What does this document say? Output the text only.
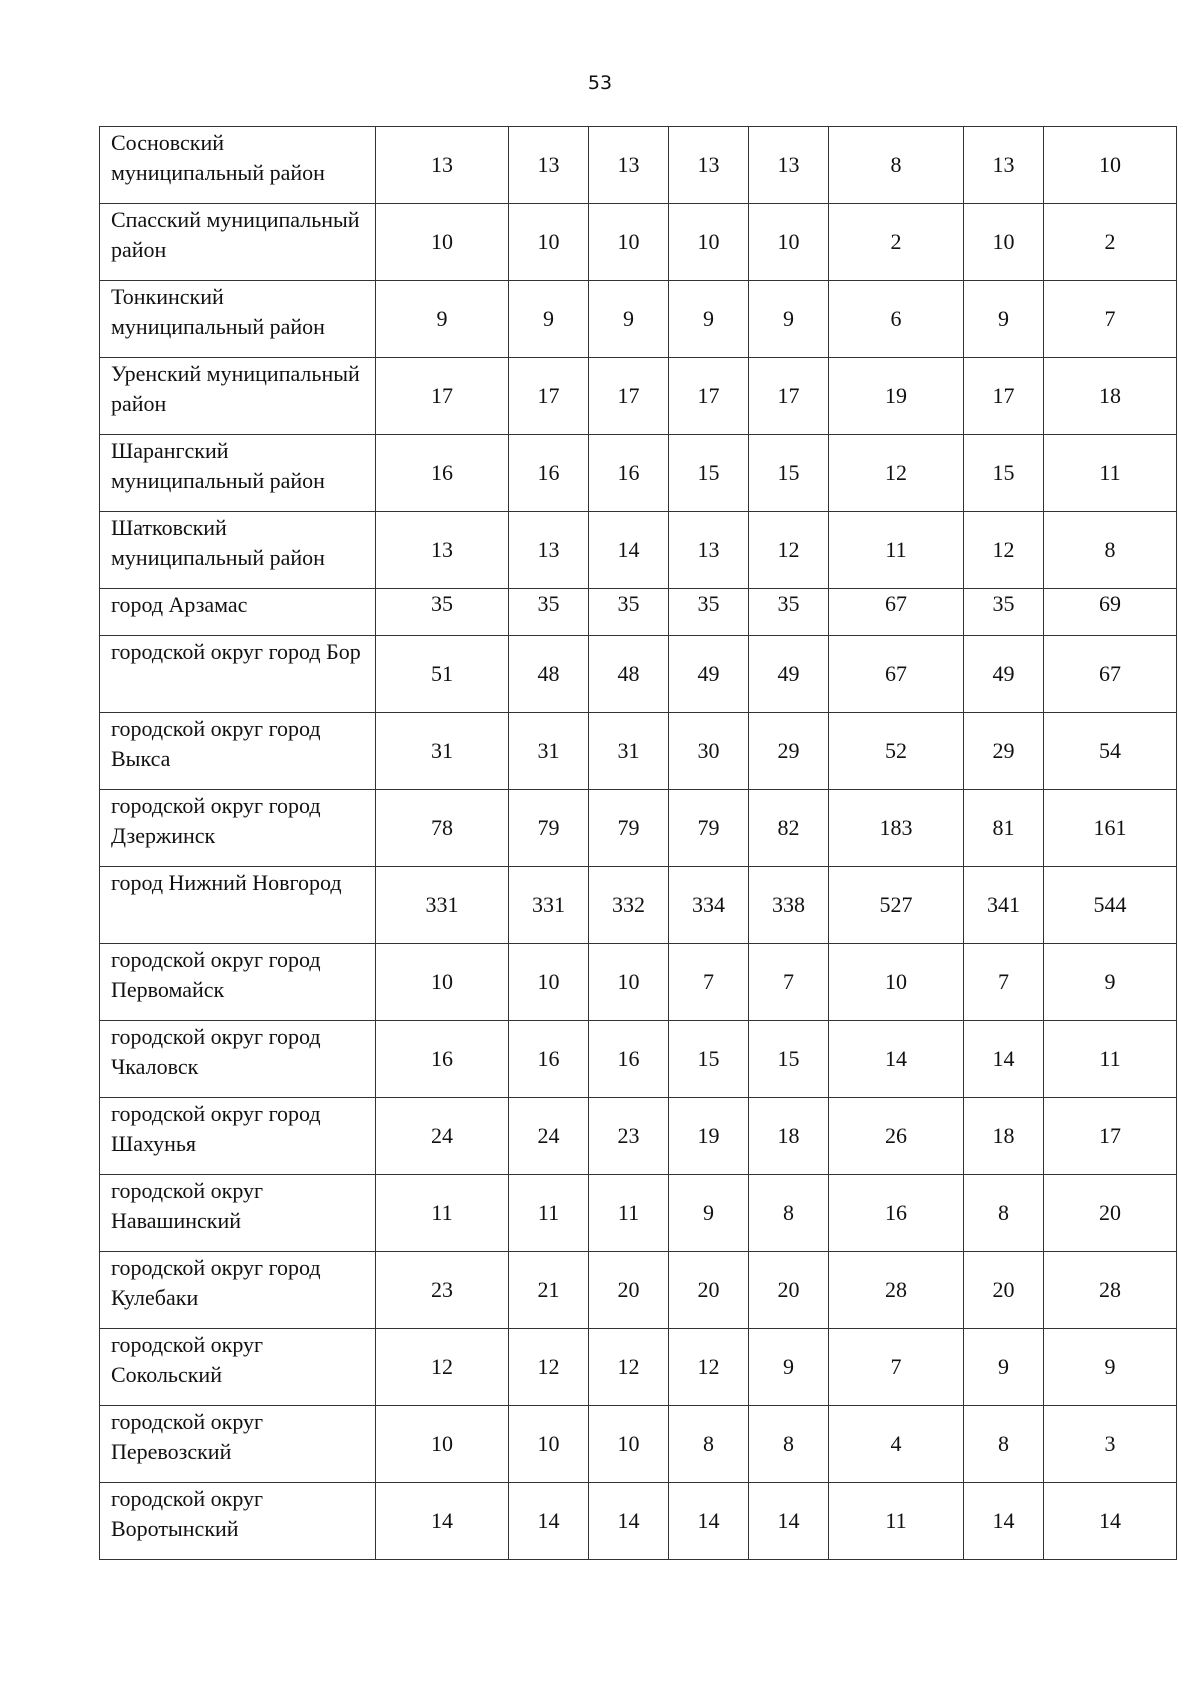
53
Сосновский муниципальный район	13	13	13	13	13	8	13	10
Спасский муниципальный район	10	10	10	10	10	2	10	2
Тонкинский муниципальный район	9	9	9	9	9	6	9	7
Уренский муниципальный район	17	17	17	17	17	19	17	18
Шарангский муниципальный район	16	16	16	15	15	12	15	11
Шатковский муниципальный район	13	13	14	13	12	11	12	8
город Арзамас	35	35	35	35	35	67	35	69
городской округ город Бор	51	48	48	49	49	67	49	67
городской округ город Выкса	31	31	31	30	29	52	29	54
городской округ город Дзержинск	78	79	79	79	82	183	81	161
город Нижний Новгород	331	331	332	334	338	527	341	544
городской округ город Первомайск	10	10	10	7	7	10	7	9
городской округ город Чкаловск	16	16	16	15	15	14	14	11
городской округ город Шахунья	24	24	23	19	18	26	18	17
городской округ Навашинский	11	11	11	9	8	16	8	20
городской округ город Кулебаки	23	21	20	20	20	28	20	28
городской округ Сокольский	12	12	12	12	9	7	9	9
городской округ Перевозский	10	10	10	8	8	4	8	3
городской округ Воротынский	14	14	14	14	14	11	14	14
